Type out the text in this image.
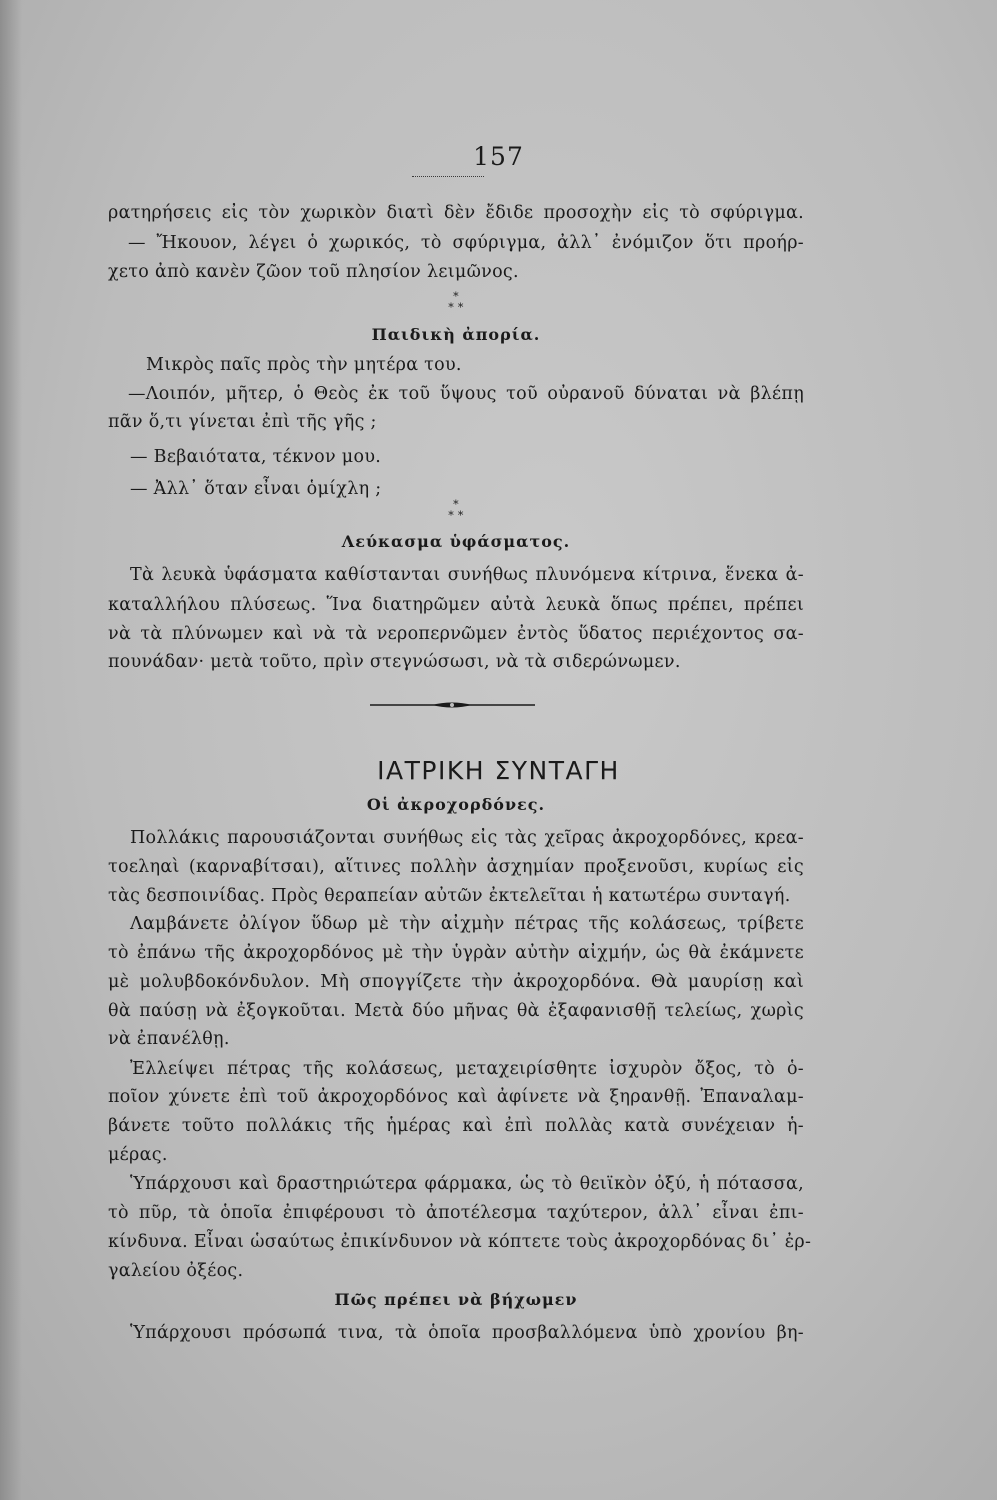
157
ρατηρήσεις εἰς τὸν χωρικὸν διατὶ δὲν ἔδιδε προσοχὴν εἰς τὸ σφύριγμα.
— Ἤκουον, λέγει ὁ χωρικός, τὸ σφύριγμα, ἀλλ᾽ ἐνόμιζον ὅτι προήρ-
χετο ἀπὸ κανὲν ζῶον τοῦ πλησίον λειμῶνος.
*
* *
Παιδικὴ ἀπορία.
Μικρὸς παῖς πρὸς τὴν μητέρα του.
—Λοιπόν, μῆτερ, ὁ Θεὸς ἐκ τοῦ ὕψους τοῦ οὐρανοῦ δύναται νὰ βλέπῃ
πᾶν ὅ,τι γίνεται ἐπὶ τῆς γῆς ;
— Βεβαιότατα, τέκνον μου.
— Ἀλλ᾽ ὅταν εἶναι ὁμίχλη ;
*
* *
Λεύκασμα ὑφάσματος.
Τὰ λευκὰ ὑφάσματα καθίστανται συνήθως πλυνόμενα κίτρινα, ἕνεκα ἀ-
καταλλήλου πλύσεως. Ἵνα διατηρῶμεν αὐτὰ λευκὰ ὅπως πρέπει, πρέπει
νὰ τὰ πλύνωμεν καὶ νὰ τὰ νεροπερνῶμεν ἐντὸς ὕδατος περιέχοντος σα-
πουνάδαν· μετὰ τοῦτο, πρὶν στεγνώσωσι, νὰ τὰ σιδερώνωμεν.
ΙΑΤΡΙΚΗ ΣΥΝΤΑΓΗ
Οἱ ἀκροχορδόνες.
Πολλάκις παρουσιάζονται συνήθως εἰς τὰς χεῖρας ἀκροχορδόνες, κρεα-
τοεληαὶ (καρναβίτσαι), αἵτινες πολλὴν ἀσχημίαν προξενοῦσι, κυρίως εἰς
τὰς δεσποινίδας. Πρὸς θεραπείαν αὐτῶν ἐκτελεῖται ἡ κατωτέρω συνταγή.
Λαμβάνετε ὀλίγον ὕδωρ μὲ τὴν αἰχμὴν πέτρας τῆς κολάσεως, τρίβετε
τὸ ἐπάνω τῆς ἀκροχορδόνος μὲ τὴν ὑγρὰν αὐτὴν αἰχμήν, ὡς θὰ ἐκάμνετε
μὲ μολυβδοκόνδυλον. Μὴ σπογγίζετε τὴν ἀκροχορδόνα. Θὰ μαυρίσῃ καὶ
θὰ παύσῃ νὰ ἐξογκοῦται. Μετὰ δύο μῆνας θὰ ἐξαφανισθῇ τελείως, χωρὶς
νὰ ἐπανέλθῃ.
Ἐλλείψει πέτρας τῆς κολάσεως, μεταχειρίσθητε ἰσχυρὸν ὄξος, τὸ ὁ-
ποῖον χύνετε ἐπὶ τοῦ ἀκροχορδόνος καὶ ἀφίνετε νὰ ξηρανθῇ. Ἐπαναλαμ-
βάνετε τοῦτο πολλάκις τῆς ἡμέρας καὶ ἐπὶ πολλὰς κατὰ συνέχειαν ἡ-
μέρας.
Ὑπάρχουσι καὶ δραστηριώτερα φάρμακα, ὡς τὸ θειϊκὸν ὀξύ, ἡ πότασσα,
τὸ πῦρ, τὰ ὁποῖα ἐπιφέρουσι τὸ ἀποτέλεσμα ταχύτερον, ἀλλ᾽ εἶναι ἐπι-
κίνδυνα. Εἶναι ὡσαύτως ἐπικίνδυνον νὰ κόπτετε τοὺς ἀκροχορδόνας δι᾽ ἐρ-
γαλείου ὀξέος.
Πῶς πρέπει νὰ βήχωμεν
Ὑπάρχουσι πρόσωπά τινα, τὰ ὁποῖα προσβαλλόμενα ὑπὸ χρονίου βη-
